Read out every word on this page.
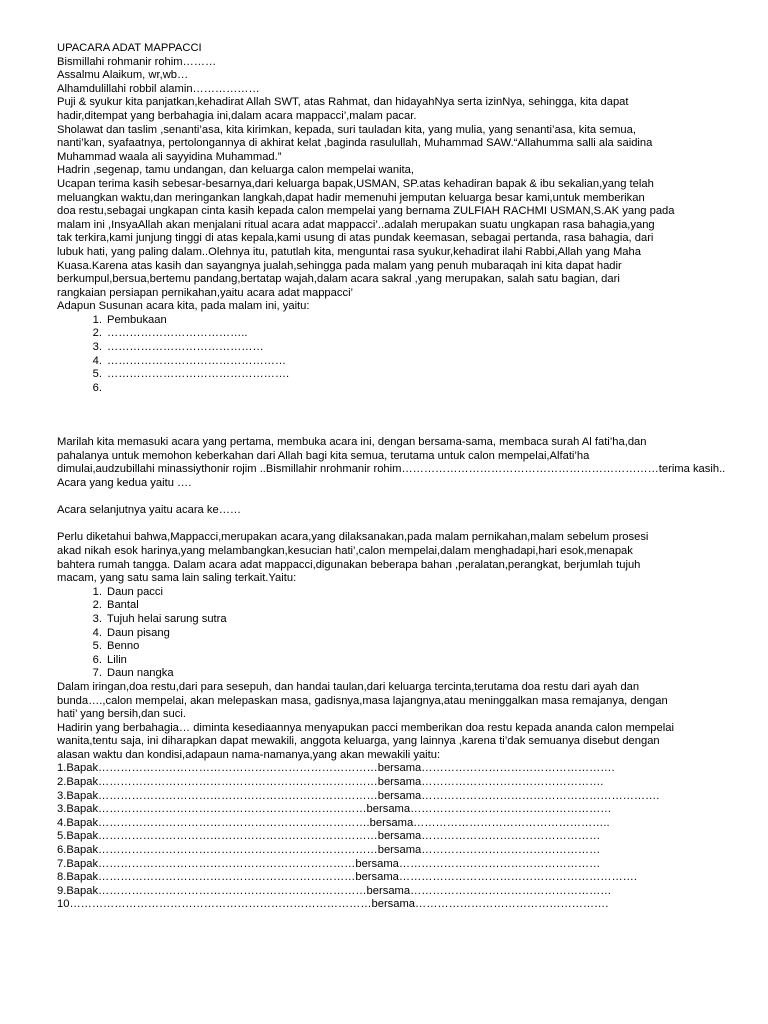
UPACARA ADAT MAPPACCI
Bismillahi rohmanir rohim………
Assalmu Alaikum, wr,wb…
Alhamdulillahi robbil alamin………………
Puji & syukur kita panjatkan,kehadirat Allah SWT, atas Rahmat, dan hidayahNya serta izinNya, sehingga, kita dapat
hadir,ditempat yang berbahagia ini,dalam acara mappacci’,malam pacar.
Sholawat dan taslim ,senanti’asa, kita kirimkan, kepada, suri tauladan kita, yang mulia, yang senanti’asa, kita semua,
nanti’kan, syafaatnya, pertolongannya di akhirat kelat ,baginda rasulullah, Muhammad SAW.“Allahumma salli ala saidina
Muhammad waala ali sayyidina Muhammad.”
Hadrin ,segenap, tamu undangan, dan keluarga calon mempelai wanita,
Ucapan terima kasih sebesar-besarnya,dari keluarga bapak,USMAN, SP.atas kehadiran bapak & ibu sekalian,yang telah
meluangkan waktu,dan meringankan langkah,dapat hadir memenuhi jemputan keluarga besar kami,untuk memberikan
doa restu,sebagai ungkapan cinta kasih kepada calon mempelai yang bernama ZULFIAH RACHMI USMAN,S.AK yang pada
malam ini ,InsyaAllah akan menjalani ritual acara adat mappacci’..adalah merupakan suatu ungkapan rasa bahagia,yang
tak terkira,kami junjung tinggi di atas kepala,kami usung di atas pundak keemasan, sebagai pertanda, rasa bahagia, dari
lubuk hati, yang paling dalam..Olehnya itu, patutlah kita, menguntai rasa syukur,kehadirat ilahi Rabbi,Allah yang Maha
Kuasa.Karena atas kasih dan sayangnya jualah,sehingga pada malam yang penuh mubaraqah ini kita dapat hadir
berkumpul,bersua,bertemu pandang,bertatap wajah,dalam acara sakral ,yang merupakan, salah satu bagian, dari
rangkaian persiapan pernikahan,yaitu acara adat mappacci’
Adapun Susunan acara kita, pada malam ini, yaitu:
1. Pembukaan
2. ………………………………..
3. ……………………………………
4. …………………………………………
5. ………………………………………….
6.
Marilah kita memasuki acara yang pertama, membuka acara ini, dengan bersama-sama, membaca surah Al fati’ha,dan
pahalanya untuk memohon keberkahan dari Allah bagi kita semua, terutama untuk calon mempelai,Alfati’ha
dimulai,audzubillahi minassiythonir rojim ..Bismillahir nrohmanir rohim……………………………………………………………terima kasih..
Acara yang kedua yaitu ….
Acara selanjutnya yaitu acara ke……
Perlu diketahui bahwa,Mappacci,merupakan acara,yang dilaksanakan,pada malam pernikahan,malam sebelum prosesi
akad nikah esok harinya,yang melambangkan,kesucian hati’,calon mempelai,dalam menghadapi,hari esok,menapak
bahtera rumah tangga. Dalam acara adat mappacci,digunakan beberapa bahan ,peralatan,perangkat, berjumlah tujuh
macam, yang satu sama lain saling terkait.Yaitu:
1. Daun pacci
2. Bantal
3. Tujuh helai sarung sutra
4. Daun pisang
5. Benno
6. Lilin
7. Daun nangka
Dalam iringan,doa restu,dari para sesepuh, dan handai taulan,dari keluarga tercinta,terutama doa restu dari ayah dan
bunda….,calon mempelai, akan melepaskan masa, gadisnya,masa lajangnya,atau meninggalkan masa remajanya, dengan
hati’ yang bersih,dan suci.
Hadirin yang berbahagia… diminta kesediaannya menyapukan pacci memberikan doa restu kepada ananda calon mempelai
wanita,tentu saja, ini diharapkan dapat mewakili, anggota keluarga, yang lainnya ,karena ti’dak semuanya disebut dengan
alasan waktu dan kondisi,adapaun nama-namanya,yang akan mewakili yaitu:
1.Bapak…………………………………………………………………bersama…………………………………………….
2.Bapak…………………………………………………………………bersama………………………………………….
3.Bapak…………………………………………………………………bersama……………………………………………………….
3.Bapak………………………………………………………………bersama………………………………………………
4.Bapak……………………………………………………………….bersama……………………………………………..
5.Bapak…………………………………………………………………bersama…………………………………………
6.Bapak…………………………………………………………………bersama…………………………………………
7.Bapak……………………………………………………………bersama………………………………………………
8.Bapak……………………………………………………………bersama……………………………………………………….
9.Bapak………………………………………………………………bersama………………………………………………
10………………………………………………………………………bersama…………………………………………….
